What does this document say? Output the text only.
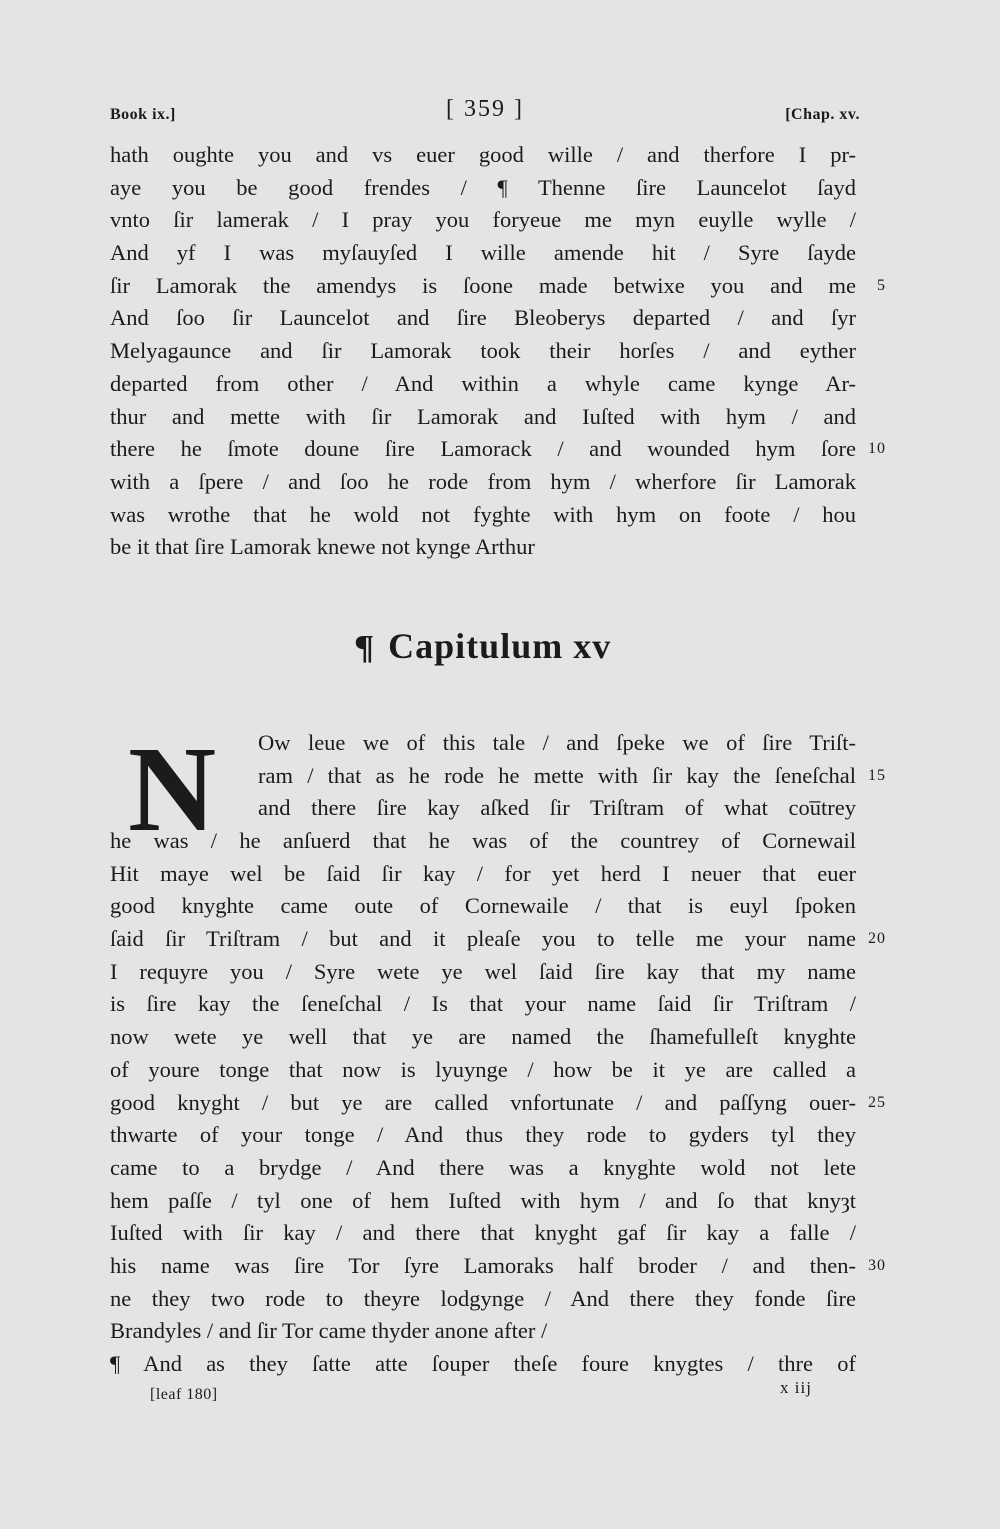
Book ix.]	[ 359 ]	[Chap. xv.
hath oughte you and vs euer good wille / and therfore I pr-
aye you be good frendes / ¶ Thenne ſire Launcelot ſayd
vnto ſir lamerak / I pray you foryeue me myn euylle wylle /
And yf I was myſauyſed I wille amende hit / Syre ſayde
ſir Lamorak the amendys is ſoone made betwixe you and me 5
And ſoo ſir Launcelot and ſire Bleoberys departed / and ſyr
Melyagaunce and ſir Lamorak took their horſes / and eyther
departed from other / And within a whyle came kynge Ar-
thur and mette with ſir Lamorak and Iuſted with hym / and
there he ſmote doune ſire Lamorack / and wounded hym ſore 10
with a ſpere / and ſoo he rode from hym / wherfore ſir Lamorak
was wrothe that he wold not fyghte with hym on foote / hou
be it that ſire Lamorak knewe not kynge Arthur
¶ Capitulum xv
N	Ow leue we of this tale / and ſpeke we of ſire Triſt-
ram / that as he rode he mette with ſir kay the ſeneſchal 15
and there ſire kay aſked ſir Triſtram of what cou̅trey
he was / he anſuerd that he was of the countrey of Cornewail
Hit maye wel be ſaid ſir kay / for yet herd I neuer that euer
good knyghte came oute of Cornewaile / that is euyl ſpoken
ſaid ſir Triſtram / but and it pleaſe you to telle me your name 20
I requyre you / Syre wete ye wel ſaid ſire kay that my name
is ſire kay the ſeneſchal / Is that your name ſaid ſir Triſtram /
now wete ye well that ye are named the ſhamefulleſt knyghte
of youre tonge that now is lyuynge / how be it ye are called a
good knyght / but ye are called vnfortunate / and paſſyng ouer- 25
thwarte of your tonge / And thus they rode to gyders tyl they
came to a brydge / And there was a knyghte wold not lete
hem paſſe / tyl one of hem Iuſted with hym / and ſo that knyȝt
Iuſted with ſir kay / and there that knyght gaf ſir kay a falle /
his name was ſire Tor ſyre Lamoraks half broder / and then- 30
ne they two rode to theyre lodgynge / And there they fonde ſire
Brandyles / and ſir Tor came thyder anone after /
¶ And as they ſatte atte ſouper theſe foure knygtes / thre of
[leaf 180]	x iij
